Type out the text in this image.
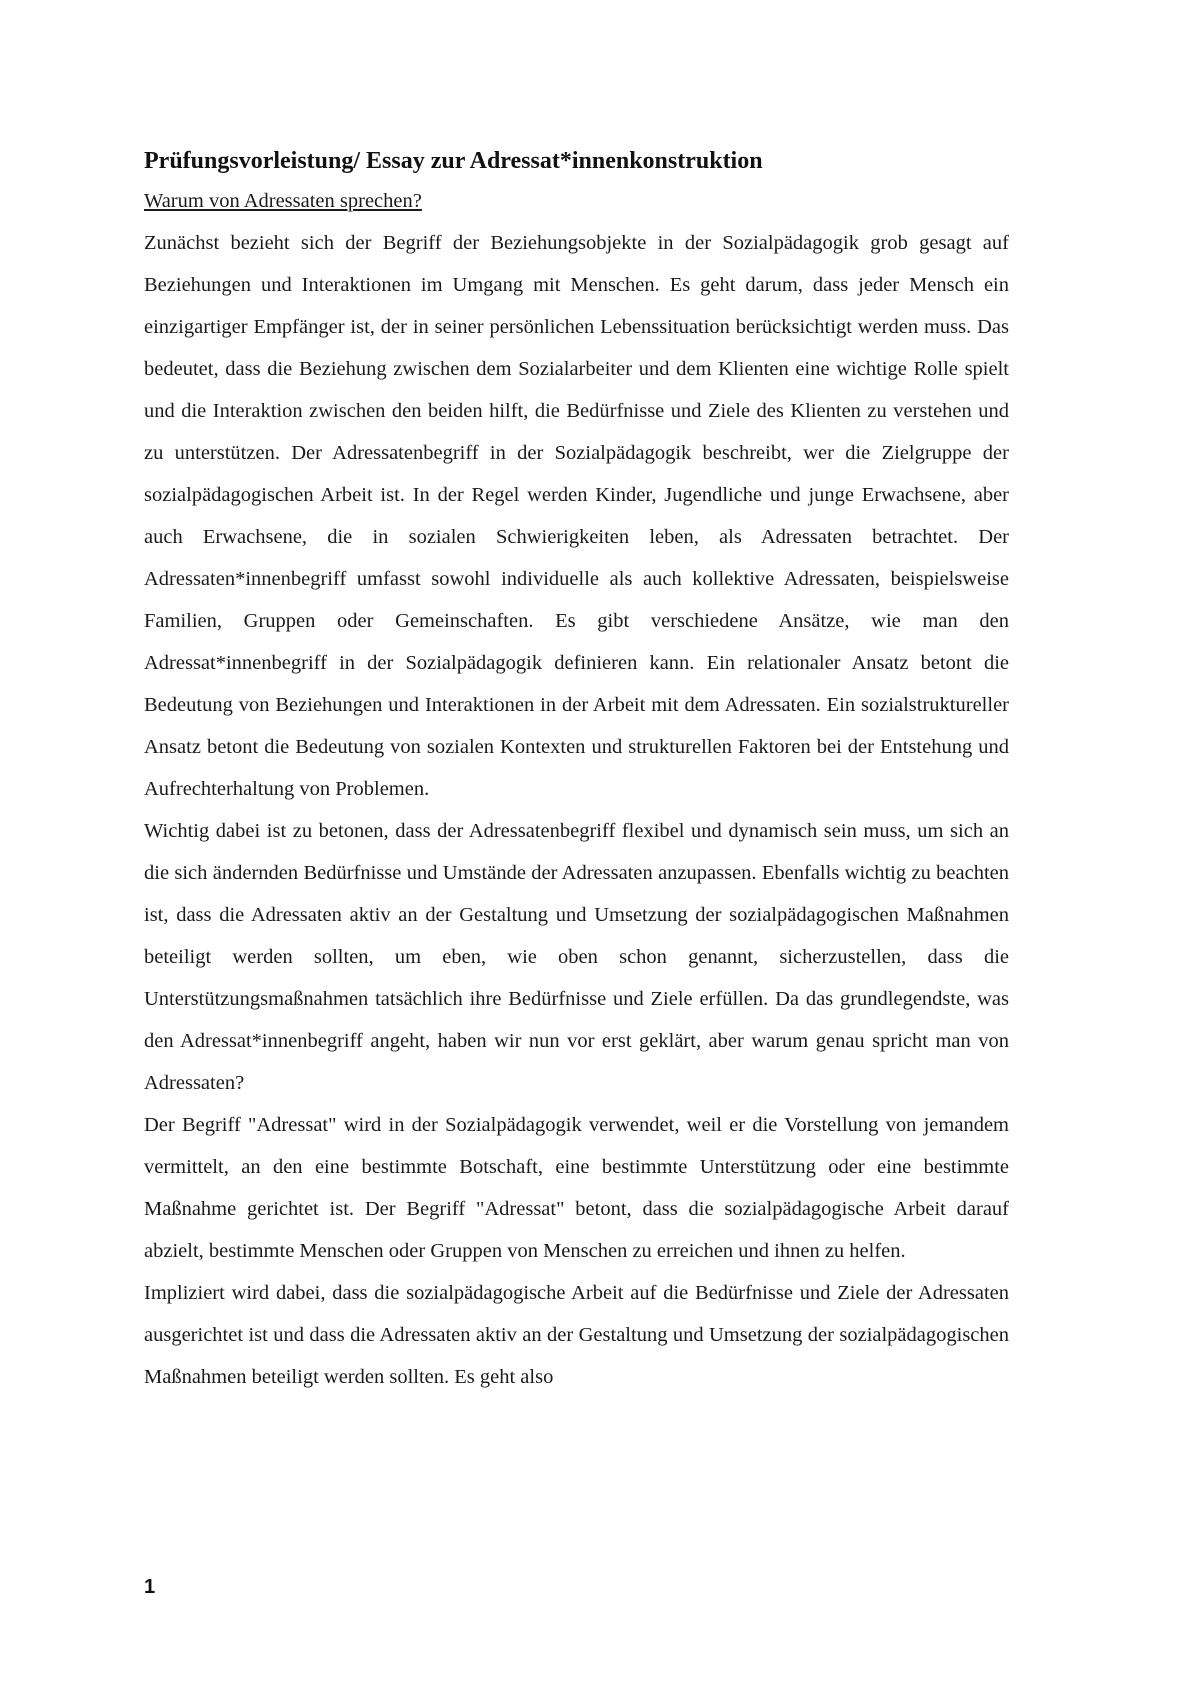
Prüfungsvorleistung/ Essay zur Adressat*innenkonstruktion

Warum von Adressaten sprechen?

Zunächst bezieht sich der Begriff der Beziehungsobjekte in der Sozialpädagogik grob gesagt auf Beziehungen und Interaktionen im Umgang mit Menschen. Es geht darum, dass jeder Mensch ein einzigartiger Empfänger ist, der in seiner persönlichen Lebenssituation berücksichtigt werden muss. Das bedeutet, dass die Beziehung zwischen dem Sozialarbeiter und dem Klienten eine wichtige Rolle spielt und die Interaktion zwischen den beiden hilft, die Bedürfnisse und Ziele des Klienten zu verstehen und zu unterstützen. Der Adressatenbegriff in der Sozialpädagogik beschreibt, wer die Zielgruppe der sozialpädagogischen Arbeit ist. In der Regel werden Kinder, Jugendliche und junge Erwachsene, aber auch Erwachsene, die in sozialen Schwierigkeiten leben, als Adressaten betrachtet. Der Adressaten*innenbegriff umfasst sowohl individuelle als auch kollektive Adressaten, beispielsweise Familien, Gruppen oder Gemeinschaften. Es gibt verschiedene Ansätze, wie man den Adressat*innenbegriff in der Sozialpädagogik definieren kann. Ein relationaler Ansatz betont die Bedeutung von Beziehungen und Interaktionen in der Arbeit mit dem Adressaten. Ein sozialstruktureller Ansatz betont die Bedeutung von sozialen Kontexten und strukturellen Faktoren bei der Entstehung und Aufrechterhaltung von Problemen.

Wichtig dabei ist zu betonen, dass der Adressatenbegriff flexibel und dynamisch sein muss, um sich an die sich ändernden Bedürfnisse und Umstände der Adressaten anzupassen. Ebenfalls wichtig zu beachten ist, dass die Adressaten aktiv an der Gestaltung und Umsetzung der sozialpädagogischen Maßnahmen beteiligt werden sollten, um eben, wie oben schon genannt, sicherzustellen, dass die Unterstützungsmaßnahmen tatsächlich ihre Bedürfnisse und Ziele erfüllen. Da das grundlegendste, was den Adressat*innenbegriff angeht, haben wir nun vor erst geklärt, aber warum genau spricht man von Adressaten?

Der Begriff "Adressat" wird in der Sozialpädagogik verwendet, weil er die Vorstellung von jemandem vermittelt, an den eine bestimmte Botschaft, eine bestimmte Unterstützung oder eine bestimmte Maßnahme gerichtet ist. Der Begriff "Adressat" betont, dass die sozialpädagogische Arbeit darauf abzielt, bestimmte Menschen oder Gruppen von Menschen zu erreichen und ihnen zu helfen.

Impliziert wird dabei, dass die sozialpädagogische Arbeit auf die Bedürfnisse und Ziele der Adressaten ausgerichtet ist und dass die Adressaten aktiv an der Gestaltung und Umsetzung der sozialpädagogischen Maßnahmen beteiligt werden sollten. Es geht also

1
